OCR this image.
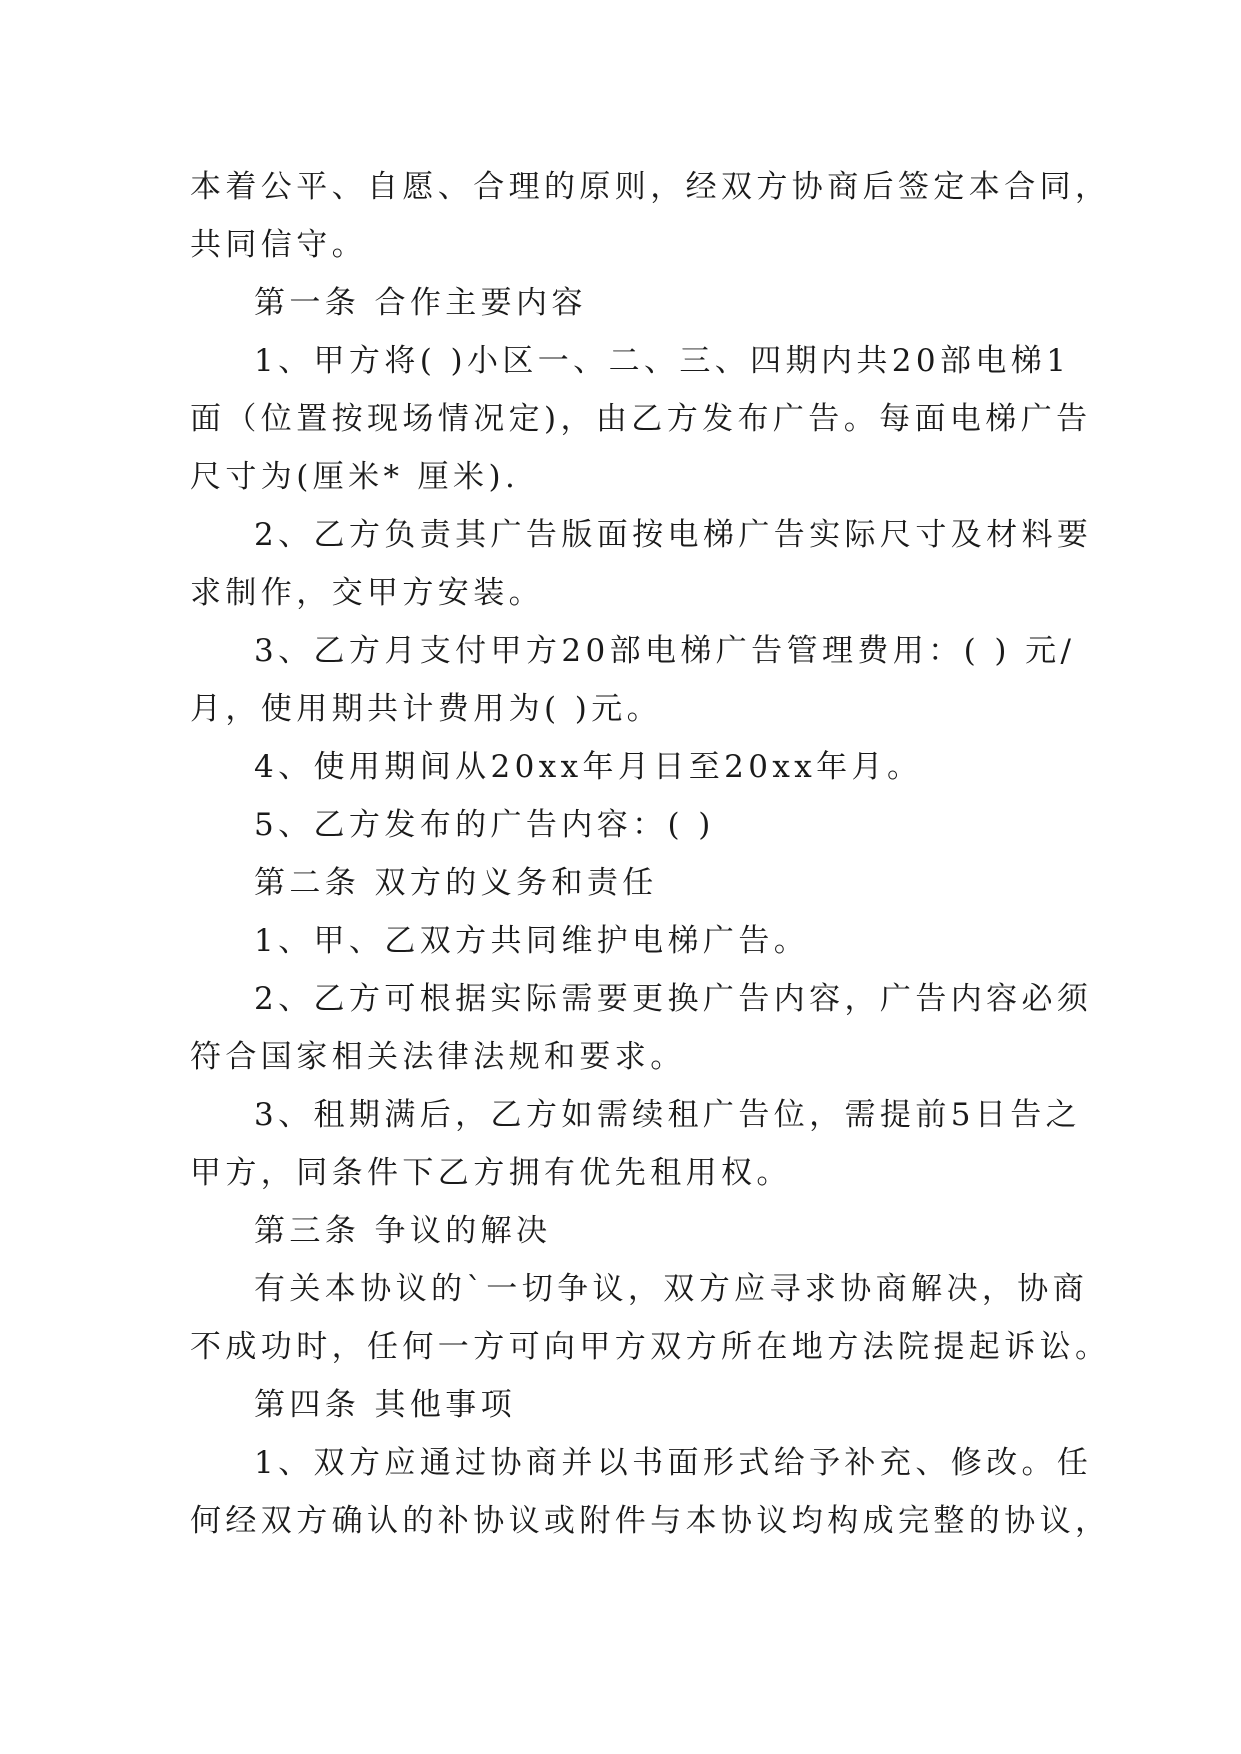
本着公平、自愿、合理的原则，经双方协商后签定本合同，
共同信守。
第一条 合作主要内容
1、甲方将( )小区一、二、三、四期内共20部电梯1
面（位置按现场情况定)，由乙方发布广告。每面电梯广告
尺寸为(厘米* 厘米).
2、乙方负责其广告版面按电梯广告实际尺寸及材料要
求制作，交甲方安装。
3、乙方月支付甲方20部电梯广告管理费用：( ) 元/
月，使用期共计费用为( )元。
4、使用期间从20xx年月日至20xx年月。
5、乙方发布的广告内容：( )
第二条 双方的义务和责任
1、甲、乙双方共同维护电梯广告。
2、乙方可根据实际需要更换广告内容，广告内容必须
符合国家相关法律法规和要求。
3、租期满后，乙方如需续租广告位，需提前5日告之
甲方，同条件下乙方拥有优先租用权。
第三条 争议的解决
有关本协议的`一切争议，双方应寻求协商解决，协商
不成功时，任何一方可向甲方双方所在地方法院提起诉讼。
第四条 其他事项
1、双方应通过协商并以书面形式给予补充、修改。任
何经双方确认的补协议或附件与本协议均构成完整的协议，
